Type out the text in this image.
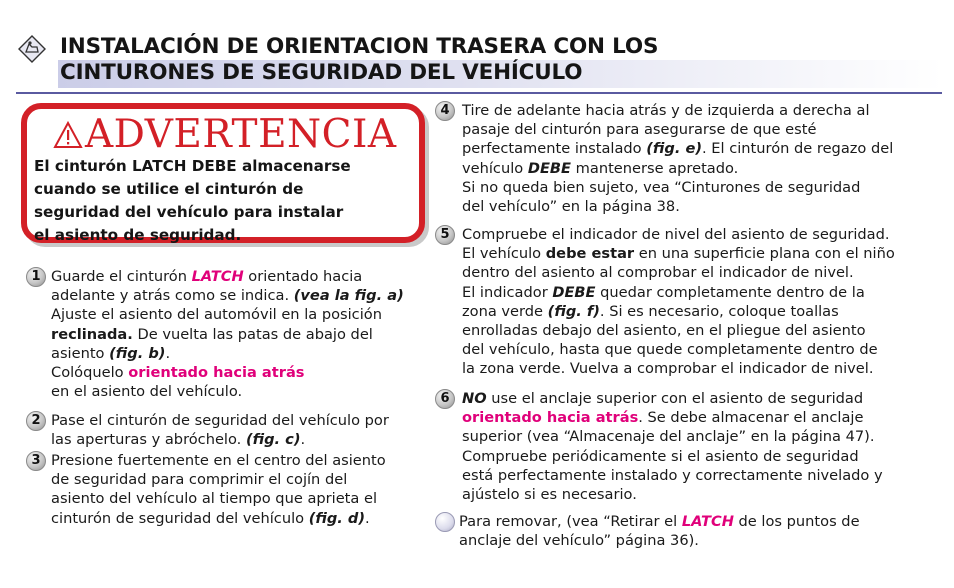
INSTALACIÓN DE ORIENTACION TRASERA CON LOS
CINTURONES DE SEGURIDAD DEL VEHÍCULO
ADVERTENCIA
El cinturón LATCH DEBE almacenarse
cuando se utilice el cinturón de
seguridad del vehículo para instalar
el asiento de seguridad.
1 Guarde el cinturón LATCH orientado hacia
adelante y atrás como se indica. (vea la fig. a)
Ajuste el asiento del automóvil en la posición
reclinada. De vuelta las patas de abajo del
asiento (fig. b).
Colóquelo orientado hacia atrás
en el asiento del vehículo.
2 Pase el cinturón de seguridad del vehículo por
las aperturas y abróchelo. (fig. c).
3 Presione fuertemente en el centro del asiento
de seguridad para comprimir el cojín del
asiento del vehículo al tiempo que aprieta el
cinturón de seguridad del vehículo (fig. d).
4 Tire de adelante hacia atrás y de izquierda a derecha al
pasaje del cinturón para asegurarse de que esté
perfectamente instalado (fig. e). El cinturón de regazo del
vehículo DEBE mantenerse apretado.
Si no queda bien sujeto, vea “Cinturones de seguridad
del vehículo” en la página 38.
5 Compruebe el indicador de nivel del asiento de seguridad.
El vehículo debe estar en una superficie plana con el niño
dentro del asiento al comprobar el indicador de nivel.
El indicador DEBE quedar completamente dentro de la
zona verde (fig. f). Si es necesario, coloque toallas
enrolladas debajo del asiento, en el pliegue del asiento
del vehículo, hasta que quede completamente dentro de
la zona verde. Vuelva a comprobar el indicador de nivel.
6 NO use el anclaje superior con el asiento de seguridad
orientado hacia atrás. Se debe almacenar el anclaje
superior (vea “Almacenaje del anclaje” en la página 47).
Compruebe periódicamente si el asiento de seguridad
está perfectamente instalado y correctamente nivelado y
ajústelo si es necesario.
Para removar, (vea “Retirar el LATCH de los puntos de
anclaje del vehículo” página 36).
